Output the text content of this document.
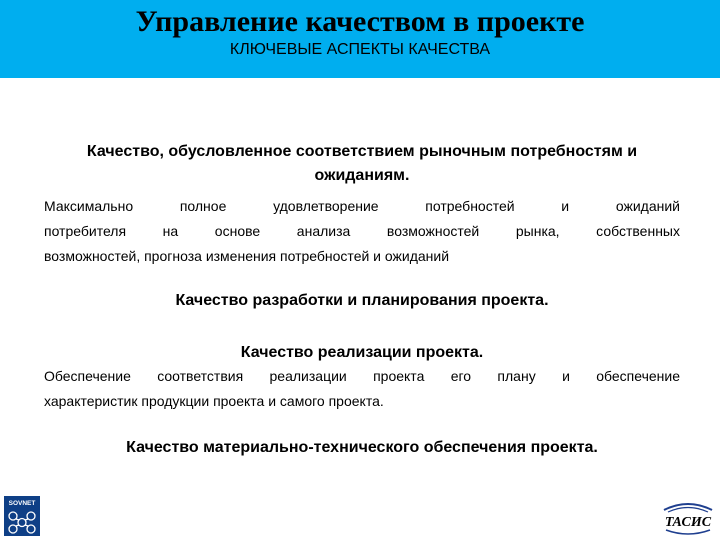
Управление качеством в проекте
КЛЮЧЕВЫЕ АСПЕКТЫ КАЧЕСТВА
Качество, обусловленное соответствием рыночным потребностям и ожиданиям.
Максимально полное удовлетворение потребностей и ожиданий
потребителя на основе анализа возможностей рынка, собственных
возможностей, прогноза изменения потребностей и ожиданий
Качество разработки и планирования проекта.
Качество реализации проекта.
Обеспечение соответствия реализации проекта его плану и обеспечение
характеристик продукции проекта и самого проекта.
Качество материально-технического обеспечения проекта.
SOVNET
ТАСИС
